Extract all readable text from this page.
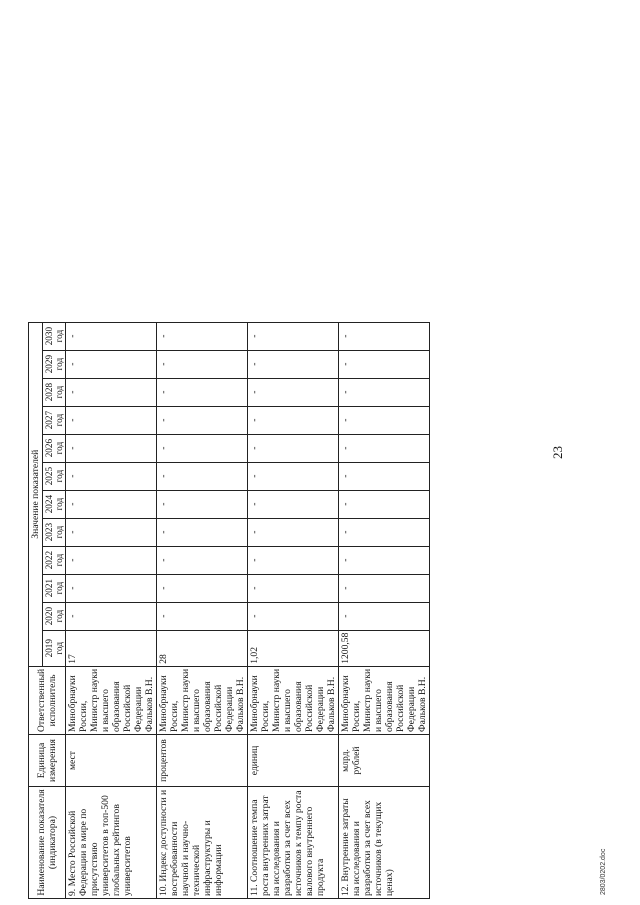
Наименование показателя (индикатора)	Единица измерения	Ответственный исполнитель	Значение показателей											
			2019 год	2020 год	2021 год	2022 год	2023 год	2024 год	2025 год	2026 год	2027 год	2028 год	2029 год	2030 год
9. Место Российской Федерации в мире по присутствию университетов в топ-500 глобальных рейтингов университетов	мест	Минобрнауки России, Министр науки и высшего образования Российской Федерации Фальков В.Н.	17	-	-	-	-	-	-	-	-	-	-	-
10. Индекс доступности и востребованности научной и научно-технической инфраструктуры и информации	процентов	Минобрнауки России, Министр науки и высшего образования Российской Федерации Фальков В.Н.	28	-	-	-	-	-	-	-	-	-	-	-
11. Соотношение темпа роста внутренних затрат на исследования и разработки за счет всех источников к темпу роста валового внутреннего продукта	единиц	Минобрнауки России, Министр науки и высшего образования Российской Федерации Фальков В.Н.	1,02	-	-	-	-	-	-	-	-	-	-	-
12. Внутренние затраты на исследования и разработки за счет всех источников (в текущих ценах)	млрд. рублей	Минобрнауки России, Министр науки и высшего образования Российской Федерации Фальков В.Н.	1200,58	-	-	-	-	-	-	-	-	-	-	-
23
2803/0202.doc
